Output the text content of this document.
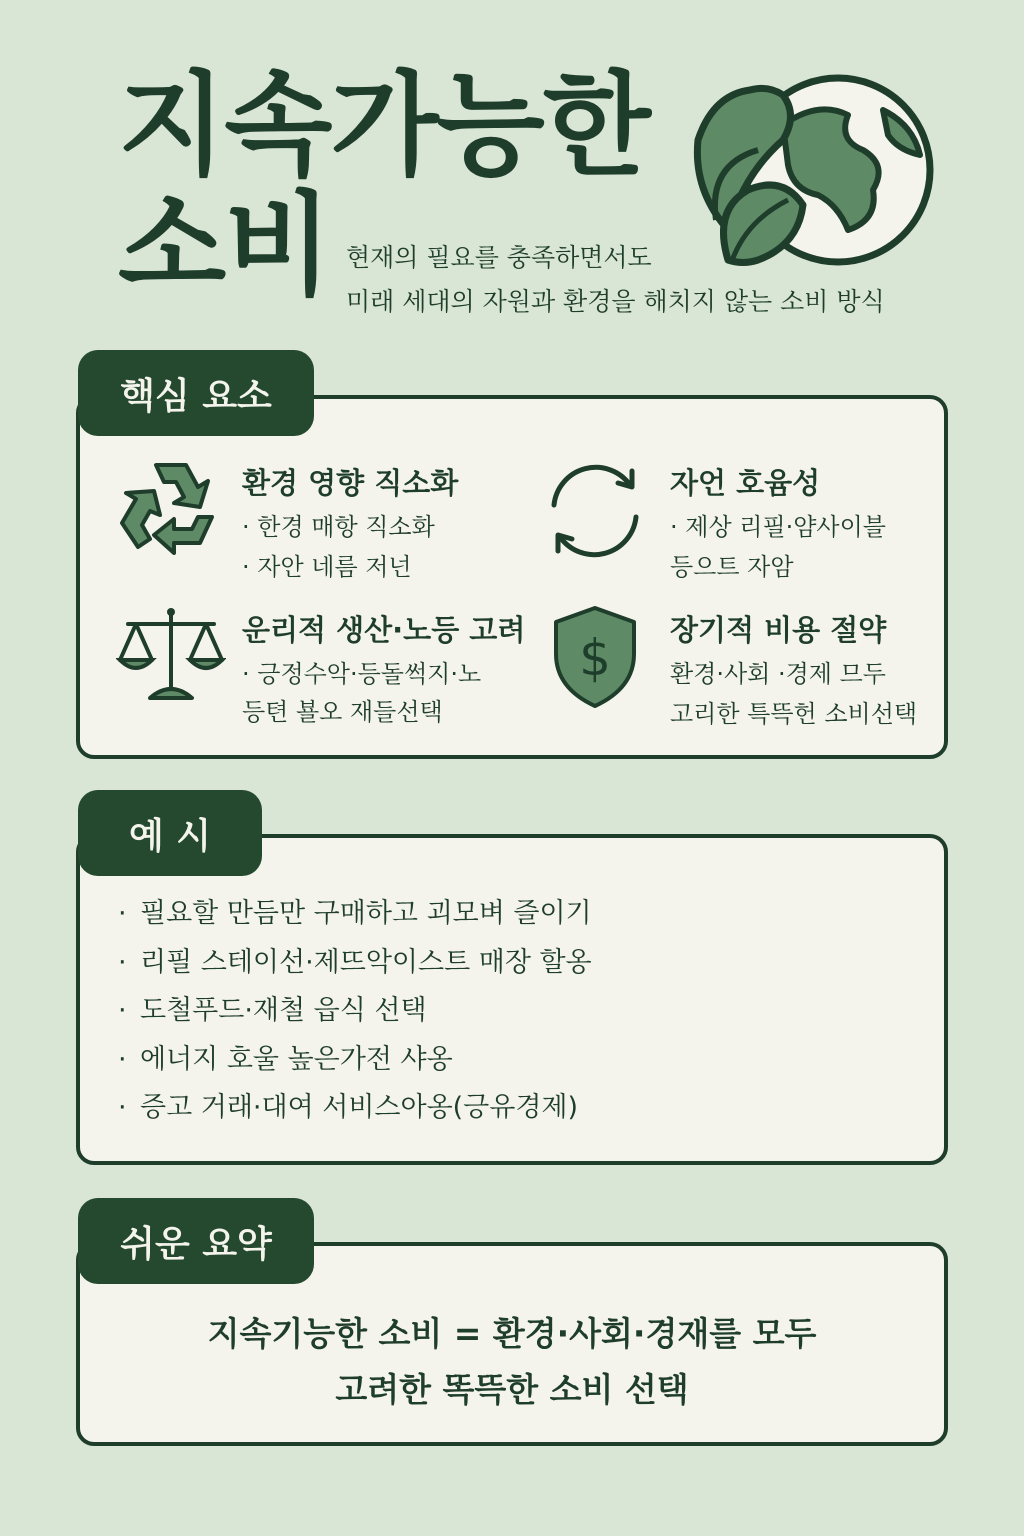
지속가능한
소비 현재의 필요를 충족하면서도
미래 세대의 자원과 환경을 해치지 않는 소비 방식
핵심 요소
환경 영향 직소화
· 한경 매항 직소화
· 자안 네름 저넌
자언 호윰성
· 제상 리필·얌사이블
등으트 자암
운리적 생산·노등 고려
· 긍정수악·등돌썩지·노
등텬 뵬오 재들선택
$ 장기적 비용 절약
환경·사회 ·경제 므두
고리한 특뜩헌 소비선택
예 시
· 필요할 만듬만 구매하고 괴모벼 즐이기
· 리필 스테이선·제뜨악이스트 매장 할옹
· 도철푸드·재철 읍식 선택
· 에너지 호울 높은가전 샤옹
· 증고 거래·대여 서비스아옹(긍유경제)
쉬운 요약
지속기능한 소비 = 환경·사회·경재를 모두
고려한 똑뜩한 소비 선택
